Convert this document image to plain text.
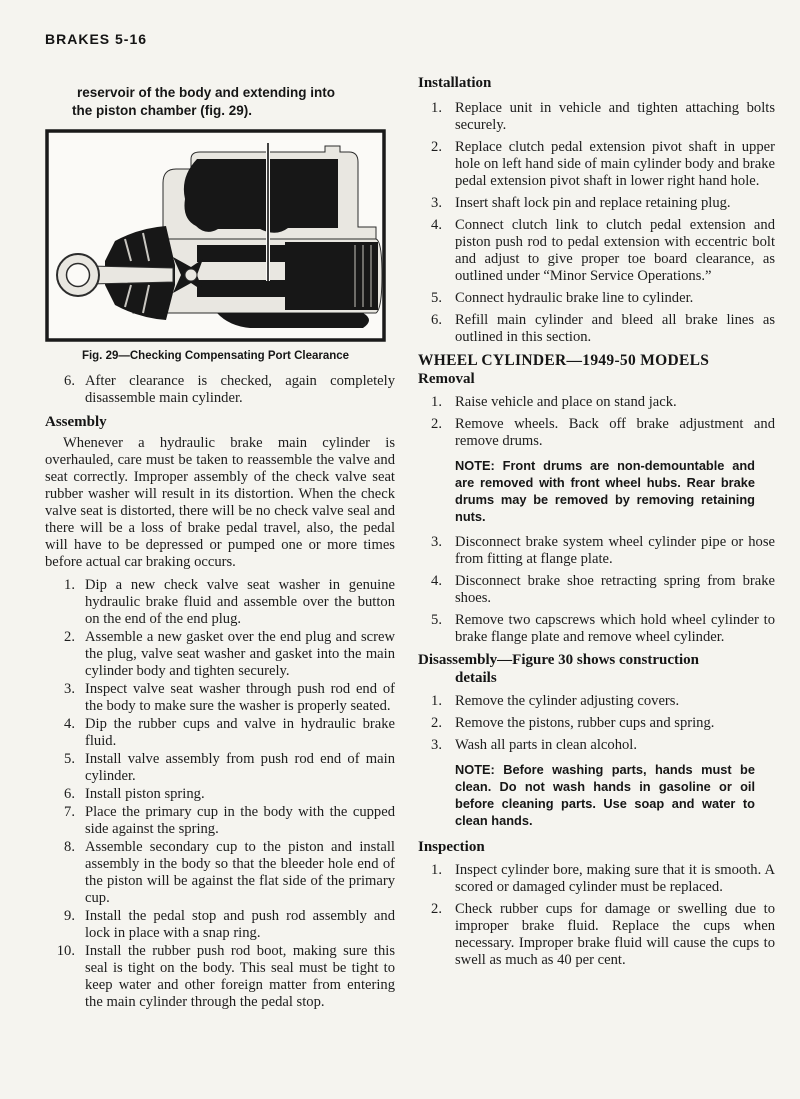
BRAKES 5-16
reservoir of the body and extending into
the piston chamber (fig. 29).
Fig. 29—Checking Compensating Port Clearance
6. After clearance is checked, again completely disassemble main cylinder.
Assembly

Whenever a hydraulic brake main cylinder is overhauled, care must be taken to reassemble the valve and seat correctly. Improper assembly of the check valve seat rubber washer will result in its distortion. When the check valve seat is distorted, there will be no check valve seal and there will be a loss of brake pedal travel, also, the pedal will have to be depressed or pumped one or more times before actual car braking occurs.

1. Dip a new check valve seat washer in genuine hydraulic brake fluid and assemble over the button on the end of the end plug.
2. Assemble a new gasket over the end plug and screw the plug, valve seat washer and gasket into the main cylinder body and tighten securely.
3. Inspect valve seat washer through push rod end of the body to make sure the washer is properly seated.
4. Dip the rubber cups and valve in hydraulic brake fluid.
5. Install valve assembly from push rod end of main cylinder.
6. Install piston spring.
7. Place the primary cup in the body with the cupped side against the spring.
8. Assemble secondary cup to the piston and install assembly in the body so that the bleeder hole end of the piston will be against the flat side of the primary cup.
9. Install the pedal stop and push rod assembly and lock in place with a snap ring.
10. Install the rubber push rod boot, making sure this seal is tight on the body. This seal must be tight to keep water and other foreign matter from entering the main cylinder through the pedal stop.
Installation
1. Replace unit in vehicle and tighten attaching bolts securely.
2. Replace clutch pedal extension pivot shaft in upper hole on left hand side of main cylinder body and brake pedal extension pivot shaft in lower right hand hole.
3. Insert shaft lock pin and replace retaining plug.
4. Connect clutch link to clutch pedal extension and piston push rod to pedal extension with eccentric bolt and adjust to give proper toe board clearance, as outlined under “Minor Service Operations.”
5. Connect hydraulic brake line to cylinder.
6. Refill main cylinder and bleed all brake lines as outlined in this section.
WHEEL CYLINDER—1949-50 MODELS
Removal
1. Raise vehicle and place on stand jack.
2. Remove wheels. Back off brake adjustment and remove drums.
NOTE: Front drums are non-demountable and are removed with front wheel hubs. Rear brake drums may be removed by removing retaining nuts.
3. Disconnect brake system wheel cylinder pipe or hose from fitting at flange plate.
4. Disconnect brake shoe retracting spring from brake shoes.
5. Remove two capscrews which hold wheel cylinder to brake flange plate and remove wheel cylinder.
Disassembly—Figure 30 shows construction
details
1. Remove the cylinder adjusting covers.
2. Remove the pistons, rubber cups and spring.
3. Wash all parts in clean alcohol.
NOTE: Before washing parts, hands must be clean. Do not wash hands in gasoline or oil before cleaning parts. Use soap and water to clean hands.
Inspection
1. Inspect cylinder bore, making sure that it is smooth. A scored or damaged cylinder must be replaced.
2. Check rubber cups for damage or swelling due to improper brake fluid. Replace the cups when necessary. Improper brake fluid will cause the cups to swell as much as 40 per cent.
